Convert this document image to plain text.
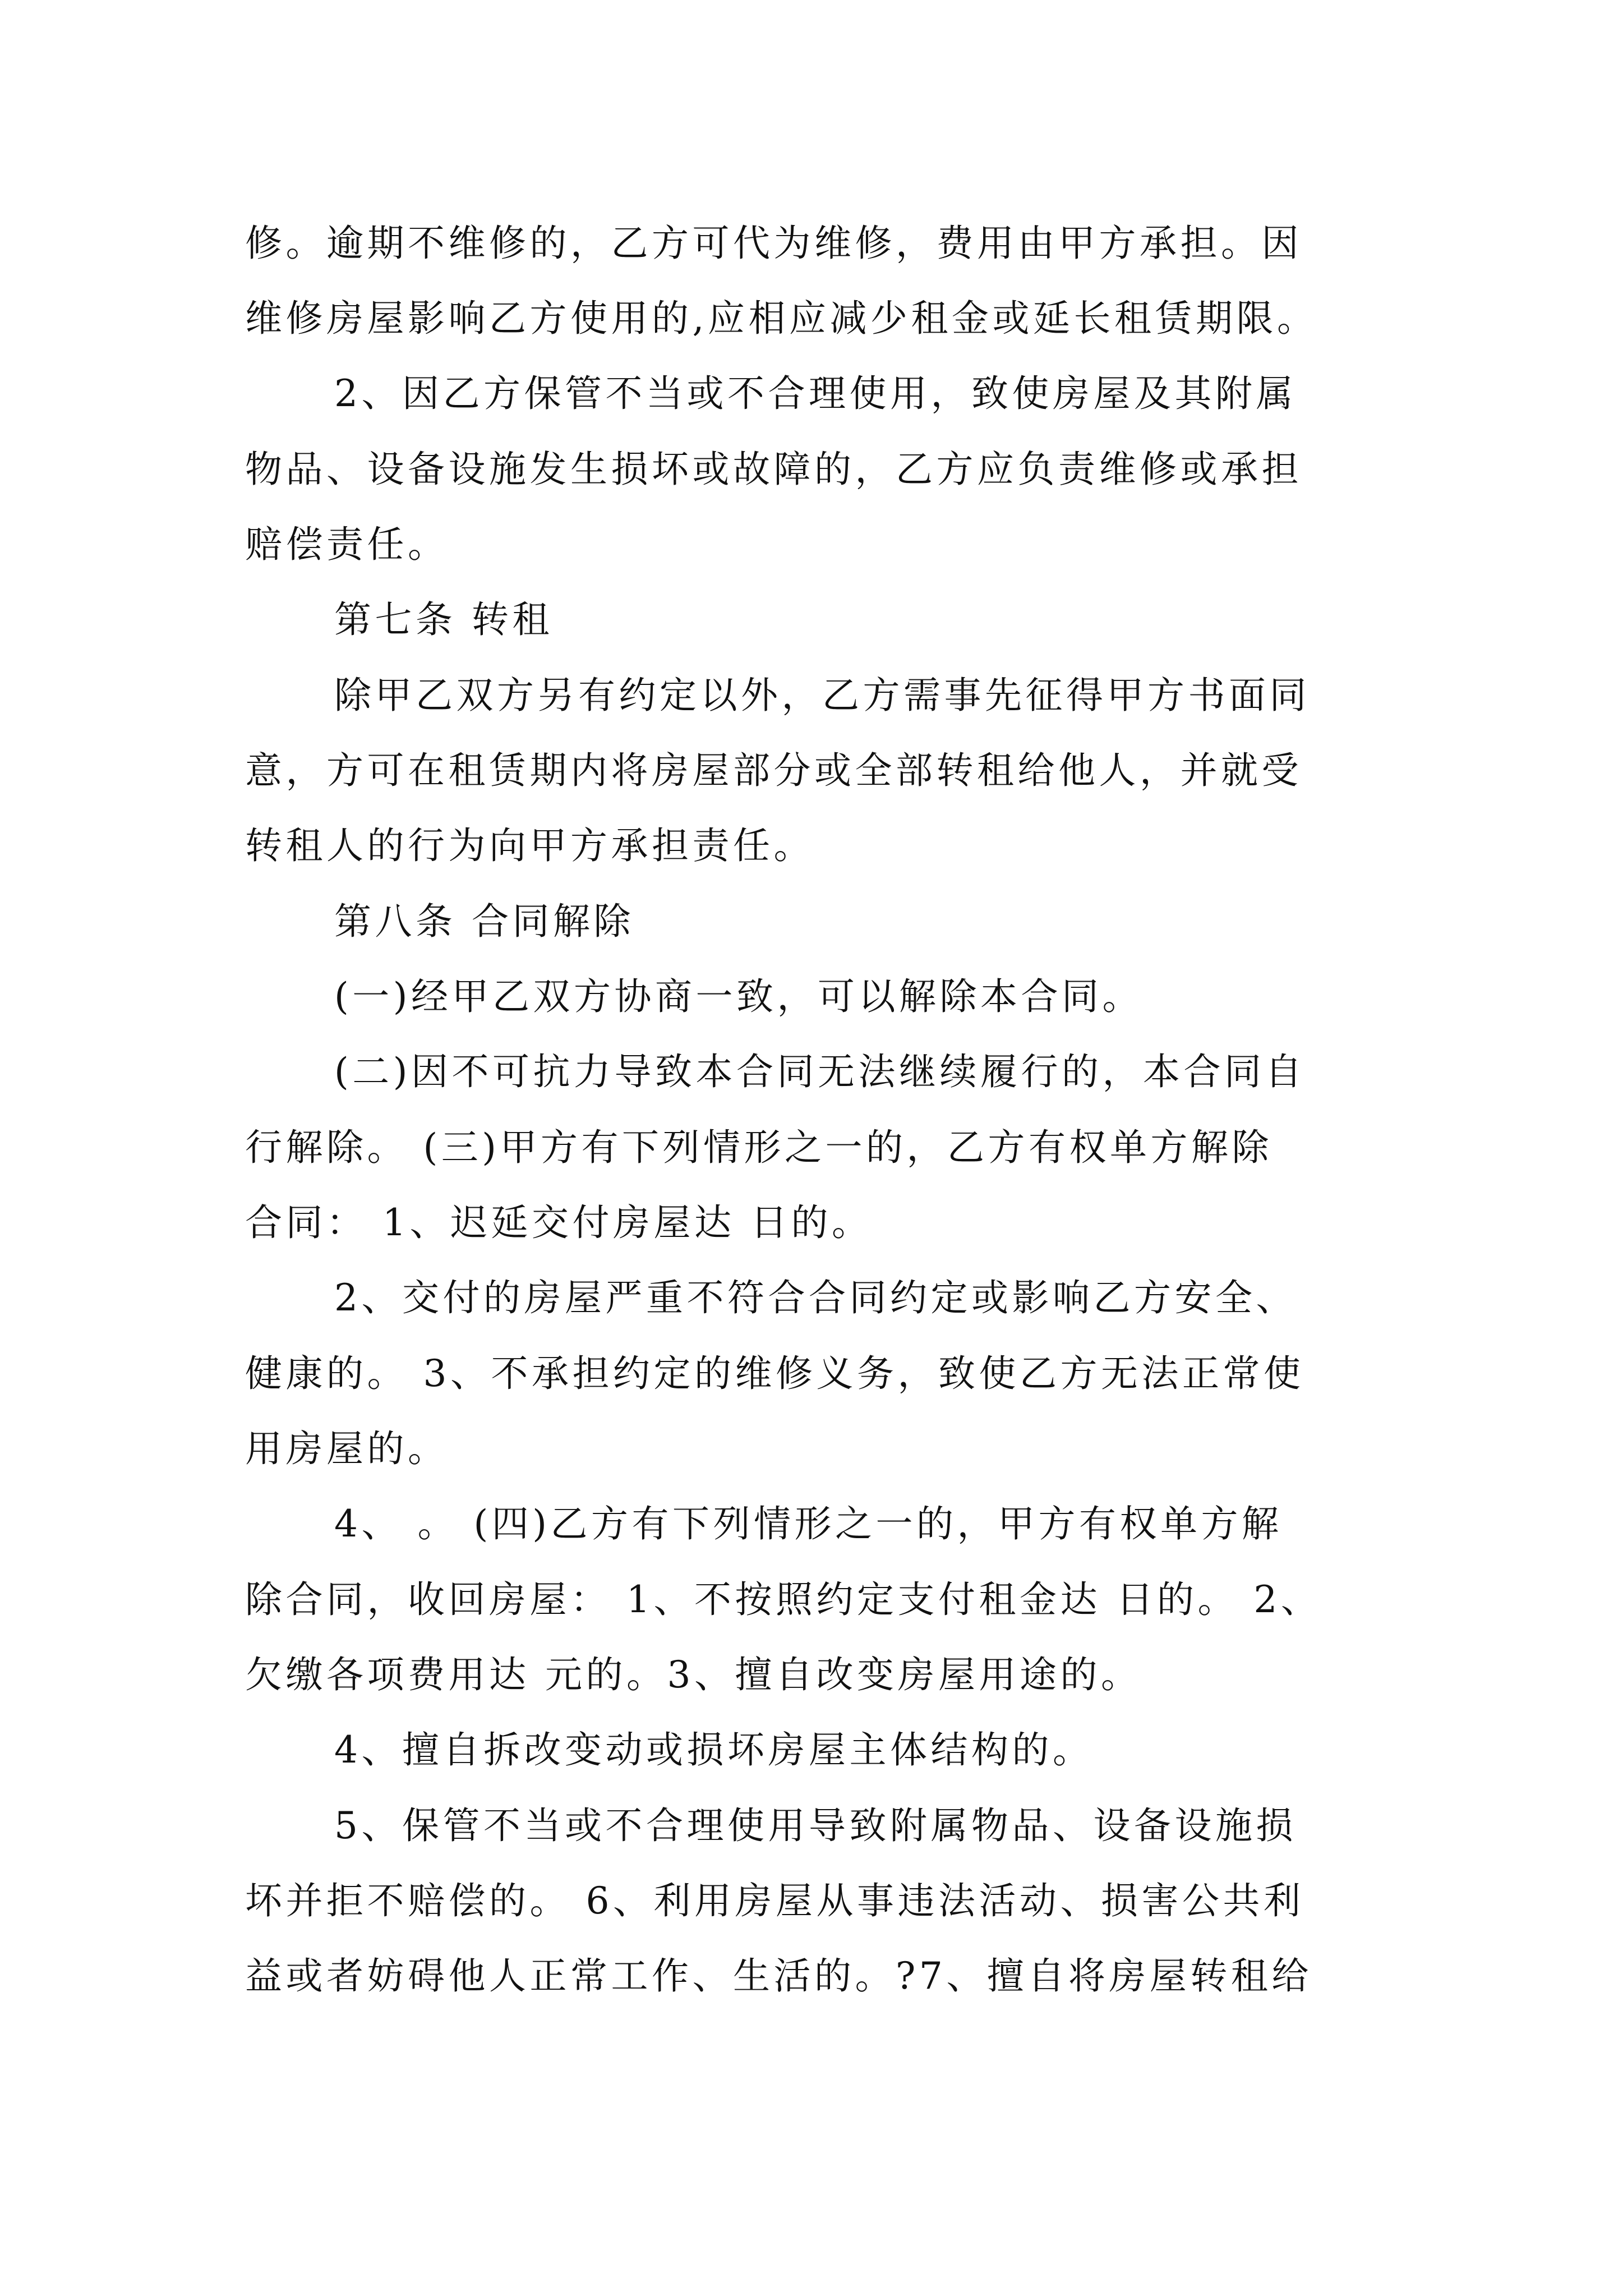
修。逾期不维修的，乙方可代为维修，费用由甲方承担。因
维修房屋影响乙方使用的,应相应减少租金或延长租赁期限。
2、因乙方保管不当或不合理使用，致使房屋及其附属
物品、设备设施发生损坏或故障的，乙方应负责维修或承担
赔偿责任。
第七条 转租
除甲乙双方另有约定以外，乙方需事先征得甲方书面同
意，方可在租赁期内将房屋部分或全部转租给他人，并就受
转租人的行为向甲方承担责任。
第八条 合同解除
(一)经甲乙双方协商一致，可以解除本合同。
(二)因不可抗力导致本合同无法继续履行的，本合同自
行解除。 (三)甲方有下列情形之一的，乙方有权单方解除
合同： 1、迟延交付房屋达 日的。
2、交付的房屋严重不符合合同约定或影响乙方安全、
健康的。 3、不承担约定的维修义务，致使乙方无法正常使
用房屋的。
4、 。 (四)乙方有下列情形之一的，甲方有权单方解
除合同，收回房屋： 1、不按照约定支付租金达 日的。 2、
欠缴各项费用达 元的。3、擅自改变房屋用途的。
4、擅自拆改变动或损坏房屋主体结构的。
5、保管不当或不合理使用导致附属物品、设备设施损
坏并拒不赔偿的。 6、利用房屋从事违法活动、损害公共利
益或者妨碍他人正常工作、生活的。?7、擅自将房屋转租给
